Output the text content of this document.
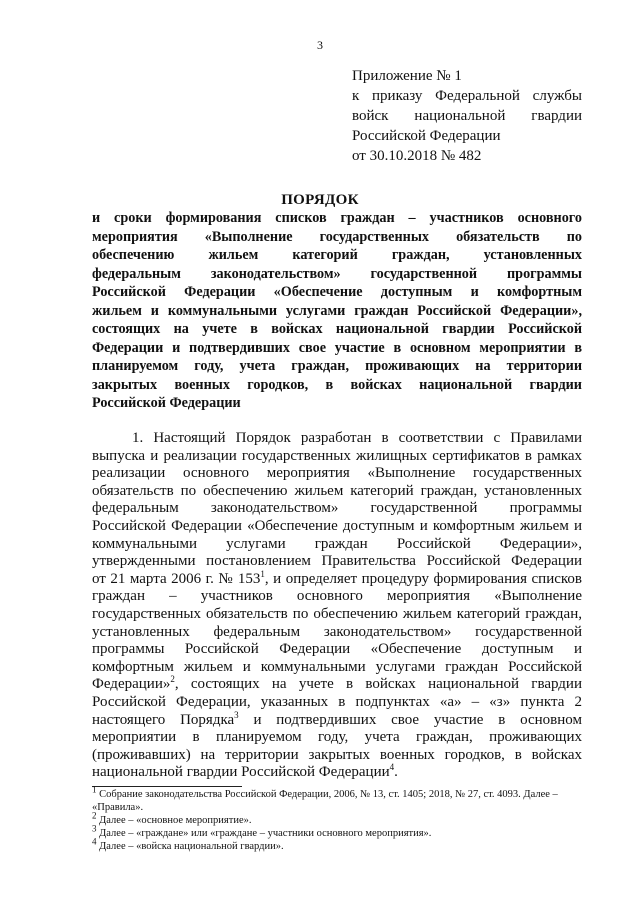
3
Приложение № 1
к приказу Федеральной службы
войск национальной гвардии
Российской Федерации
от 30.10.2018 № 482
ПОРЯДОК
и сроки формирования списков граждан – участников основного
мероприятия «Выполнение государственных обязательств по
обеспечению жильем категорий граждан, установленных
федеральным законодательством» государственной программы
Российской Федерации «Обеспечение доступным и комфортным
жильем и коммунальными услугами граждан Российской Федерации»,
состоящих на учете в войсках национальной гвардии Российской
Федерации и подтвердивших свое участие в основном мероприятии в
планируемом году, учета граждан, проживающих на территории
закрытых военных городков, в войсках национальной гвардии
Российской Федерации
1. Настоящий Порядок разработан в соответствии с Правилами
выпуска и реализации государственных жилищных сертификатов в рамках
реализации основного мероприятия «Выполнение государственных
обязательств по обеспечению жильем категорий граждан, установленных
федеральным законодательством» государственной программы
Российской Федерации «Обеспечение доступным и комфортным жильем и
коммунальными услугами граждан Российской Федерации»,
утвержденными постановлением Правительства Российской Федерации
от 21 марта 2006 г. № $153^1$, и определяет процедуру формирования списков
граждан – участников основного мероприятия «Выполнение
государственных обязательств по обеспечению жильем категорий граждан,
установленных федеральным законодательством» государственной
программы Российской Федерации «Обеспечение доступным и
комфортным жильем и коммунальными услугами граждан Российской
Федерации»$^2$, состоящих на учете в войсках национальной гвардии
Российской Федерации, указанных в подпунктах «а» – «з» пункта 2
настоящего Порядка$^3$ и подтвердивших свое участие в основном
мероприятии в планируемом году, учета граждан, проживающих
(проживавших) на территории закрытых военных городков, в войсках
национальной гвардии Российской Федерации$^4$.
$^1$ Собрание законодательства Российской Федерации, 2006, № 13, ст. 1405; 2018, № 27, ст. 4093. Далее –
«Правила».
$^2$ Далее – «основное мероприятие».
$^3$ Далее – «граждане» или «граждане – участники основного мероприятия».
$^4$ Далее – «войска национальной гвардии».
